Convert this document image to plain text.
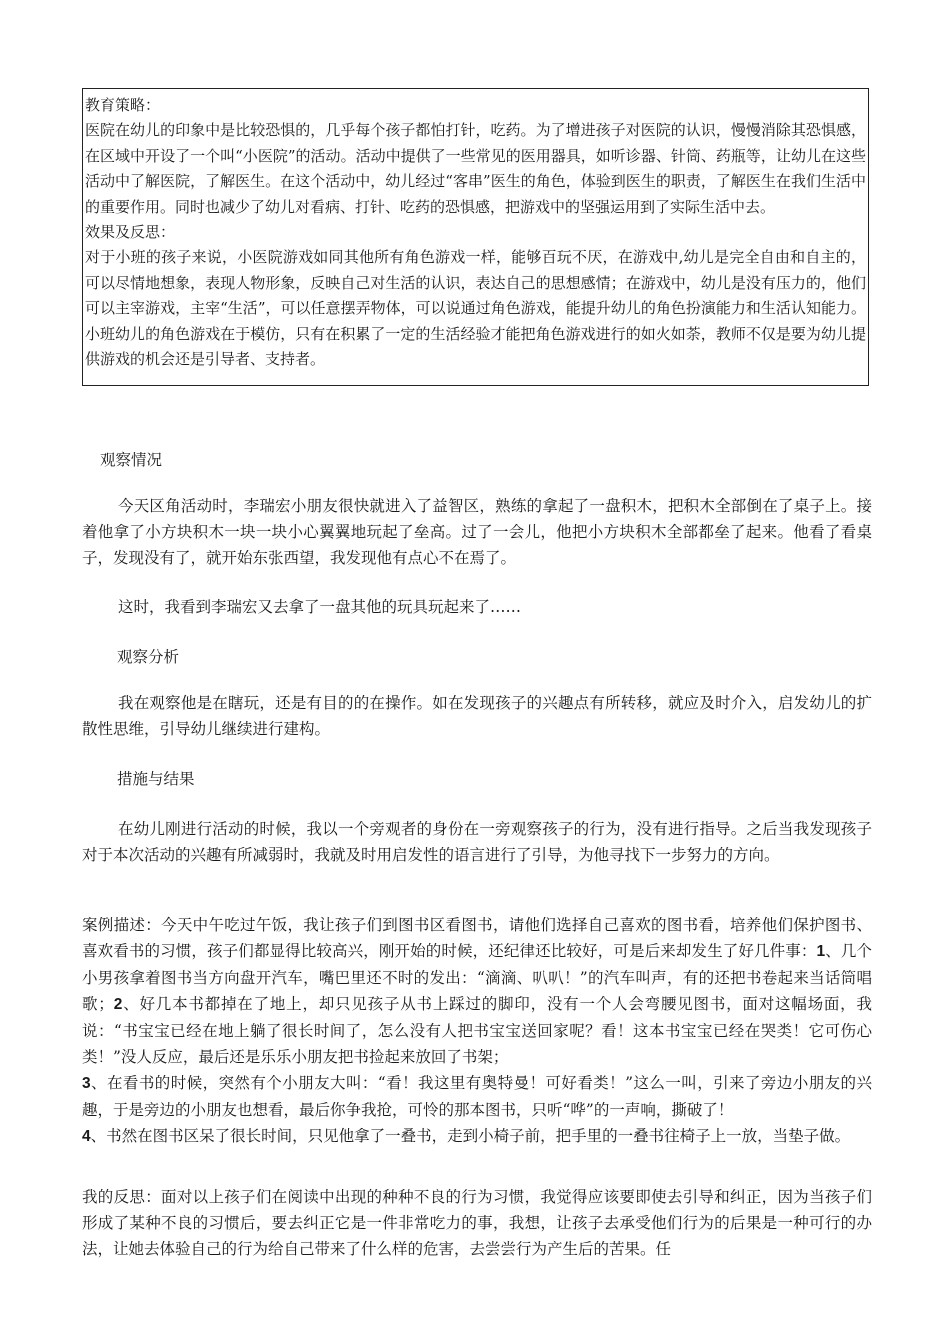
教育策略：

医院在幼儿的印象中是比较恐惧的，几乎每个孩子都怕打针，吃药。为了增进孩子对医院的认识，慢慢消除其恐惧感，在区域中开设了一个叫“小医院”的活动。活动中提供了一些常见的医用器具，如听诊器、针筒、药瓶等，让幼儿在这些活动中了解医院，了解医生。在这个活动中，幼儿经过“客串”医生的角色，体验到医生的职责，了解医生在我们生活中的重要作用。同时也减少了幼儿对看病、打针、吃药的恐惧感，把游戏中的坚强运用到了实际生活中去。

效果及反思：

对于小班的孩子来说，小医院游戏如同其他所有角色游戏一样，能够百玩不厌，在游戏中,幼儿是完全自由和自主的，可以尽情地想象，表现人物形象，反映自己对生活的认识，表达自己的思想感情；在游戏中，幼儿是没有压力的，他们可以主宰游戏，主宰“生活”，可以任意摆弄物体，可以说通过角色游戏，能提升幼儿的角色扮演能力和生活认知能力。小班幼儿的角色游戏在于模仿，只有在积累了一定的生活经验才能把角色游戏进行的如火如荼，教师不仅是要为幼儿提供游戏的机会还是引导者、支持者。

观察情况

今天区角活动时，李瑞宏小朋友很快就进入了益智区，熟练的拿起了一盘积木，把积木全部倒在了桌子上。接着他拿了小方块积木一块一块小心翼翼地玩起了垒高。过了一会儿，他把小方块积木全部都垒了起来。他看了看桌子，发现没有了，就开始东张西望，我发现他有点心不在焉了。

这时，我看到李瑞宏又去拿了一盘其他的玩具玩起来了……

观察分析

我在观察他是在瞎玩，还是有目的的在操作。如在发现孩子的兴趣点有所转移，就应及时介入，启发幼儿的扩散性思维，引导幼儿继续进行建构。

措施与结果

在幼儿刚进行活动的时候，我以一个旁观者的身份在一旁观察孩子的行为，没有进行指导。之后当我发现孩子对于本次活动的兴趣有所减弱时，我就及时用启发性的语言进行了引导，为他寻找下一步努力的方向。

案例描述：今天中午吃过午饭，我让孩子们到图书区看图书，请他们选择自己喜欢的图书看，培养他们保护图书、喜欢看书的习惯，孩子们都显得比较高兴，刚开始的时候，还纪律还比较好，可是后来却发生了好几件事：1、几个小男孩拿着图书当方向盘开汽车，嘴巴里还不时的发出：“滴滴、叭叭！”的汽车叫声，有的还把书卷起来当话筒唱歌；2、好几本书都掉在了地上，却只见孩子从书上踩过的脚印，没有一个人会弯腰见图书，面对这幅场面，我说：“书宝宝已经在地上躺了很长时间了，怎么没有人把书宝宝送回家呢？看！这本书宝宝已经在哭类！它可伤心类！”没人反应，最后还是乐乐小朋友把书捡起来放回了书架；
3、在看书的时候，突然有个小朋友大叫：“看！我这里有奥特曼！可好看类！”这么一叫，引来了旁边小朋友的兴趣，于是旁边的小朋友也想看，最后你争我抢，可怜的那本图书，只听“哗”的一声响，撕破了！
4、书然在图书区呆了很长时间，只见他拿了一叠书，走到小椅子前，把手里的一叠书往椅子上一放，当垫子做。

我的反思：面对以上孩子们在阅读中出现的种种不良的行为习惯，我觉得应该要即使去引导和纠正，因为当孩子们形成了某种不良的习惯后，要去纠正它是一件非常吃力的事，我想，让孩子去承受他们行为的后果是一种可行的办法，让她去体验自己的行为给自己带来了什么样的危害，去尝尝行为产生后的苦果。任
